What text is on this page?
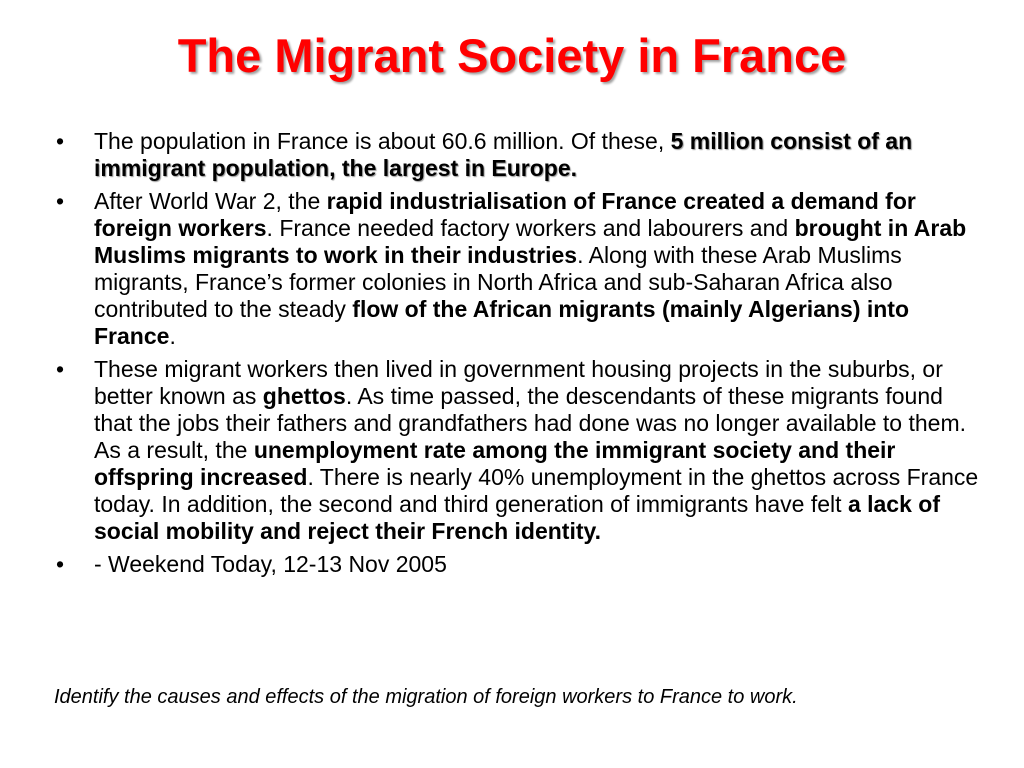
The Migrant Society in France
•	The population in France is about 60.6 million. Of these, 5 million consist of an immigrant population, the largest in Europe.
•	After World War 2, the rapid industrialisation of France created a demand for foreign workers. France needed factory workers and labourers and brought in Arab Muslims migrants to work in their industries. Along with these Arab Muslims migrants, France’s former colonies in North Africa and sub-Saharan Africa also contributed to the steady flow of the African migrants (mainly Algerians) into France.
•	These migrant workers then lived in government housing projects in the suburbs, or better known as ghettos. As time passed, the descendants of these migrants found that the jobs their fathers and grandfathers had done was no longer available to them. As a result, the unemployment rate among the immigrant society and their offspring increased. There is nearly 40% unemployment in the ghettos across France today. In addition, the second and third generation of immigrants have felt a lack of social mobility and reject their French identity.
•	- Weekend Today, 12-13 Nov 2005

Identify the causes and effects of the migration of foreign workers to France to work.
